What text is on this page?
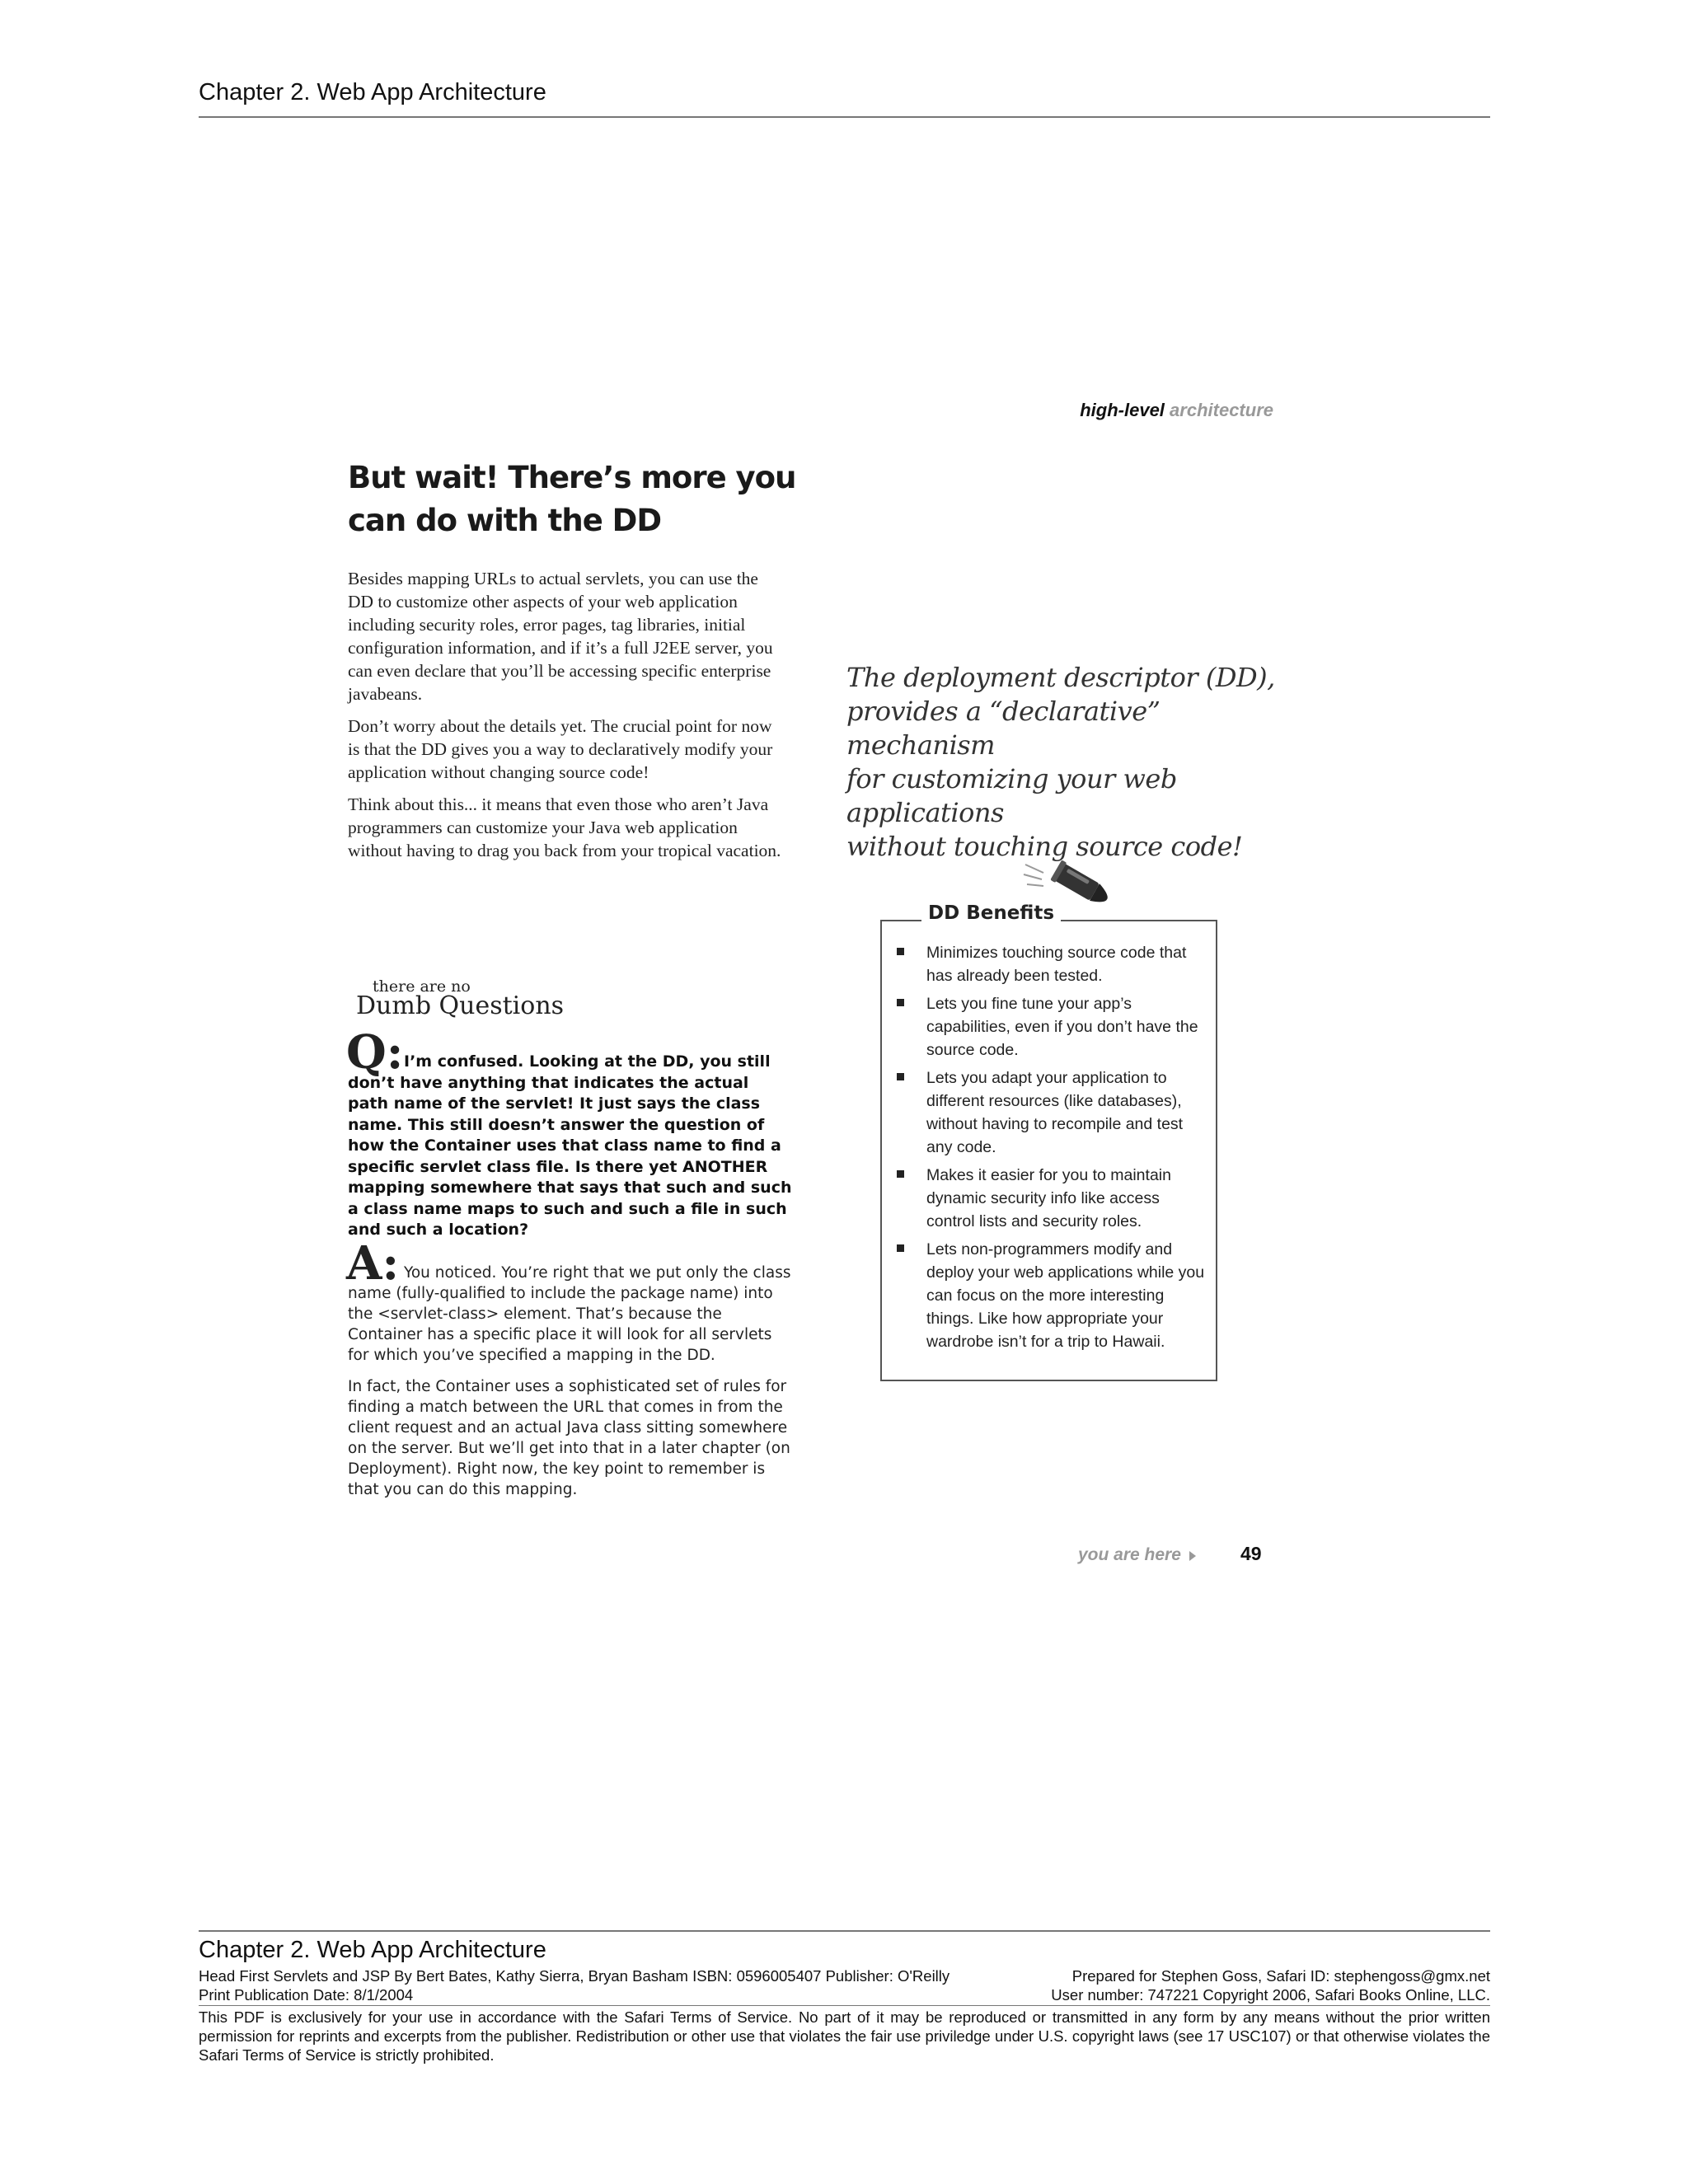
Chapter 2. Web App Architecture
high-level architecture
But wait! There’s more you
can do with the DD

Besides mapping URLs to actual servlets, you can use the DD to customize other aspects of your web application including security roles, error pages, tag libraries, initial configuration information, and if it’s a full J2EE server, you can even declare that you’ll be accessing specific enterprise javabeans.

Don’t worry about the details yet. The crucial point for now is that the DD gives you a way to declaratively modify your application without changing source code!

Think about this... it means that even those who aren’t Java programmers can customize your Java web application without having to drag you back from your tropical vacation.

The deployment descriptor (DD),
provides a “declarative” mechanism
for customizing your web applications
without touching source code!
DD Benefits
Minimizes touching source code that has already been tested.
Lets you fine tune your app’s capabilities, even if you don’t have the source code.
Lets you adapt your application to different resources (like databases), without having to recompile and test any code.
Makes it easier for you to maintain dynamic security info like access control lists and security roles.
Lets non-programmers modify and deploy your web applications while you can focus on the more interesting things. Like how appropriate your wardrobe isn’t for a trip to Hawaii.
there are no
Dumb Questions
Q: I’m confused. Looking at the DD, you still don’t have anything that indicates the actual path name of the servlet! It just says the class name. This still doesn’t answer the question of how the Container uses that class name to find a specific servlet class file. Is there yet ANOTHER mapping somewhere that says that such and such a class name maps to such and such a file in such and such a location?
A: You noticed. You’re right that we put only the class name (fully-qualified to include the package name) into the <servlet-class> element. That’s because the Container has a specific place it will look for all servlets for which you’ve specified a mapping in the DD.
In fact, the Container uses a sophisticated set of rules for finding a match between the URL that comes in from the client request and an actual Java class sitting somewhere on the server. But we’ll get into that in a later chapter (on Deployment). Right now, the key point to remember is that you can do this mapping.
you are here	49
Chapter 2. Web App Architecture
Head First Servlets and JSP By Bert Bates, Kathy Sierra, Bryan Basham ISBN: 0596005407 Publisher: O'Reilly	Prepared for Stephen Goss, Safari ID: stephengoss@gmx.net
Print Publication Date: 8/1/2004	User number: 747221 Copyright 2006, Safari Books Online, LLC.
This PDF is exclusively for your use in accordance with the Safari Terms of Service. No part of it may be reproduced or transmitted in any form by any means without the prior written permission for reprints and excerpts from the publisher. Redistribution or other use that violates the fair use priviledge under U.S. copyright laws (see 17 USC107) or that otherwise violates the Safari Terms of Service is strictly prohibited.
